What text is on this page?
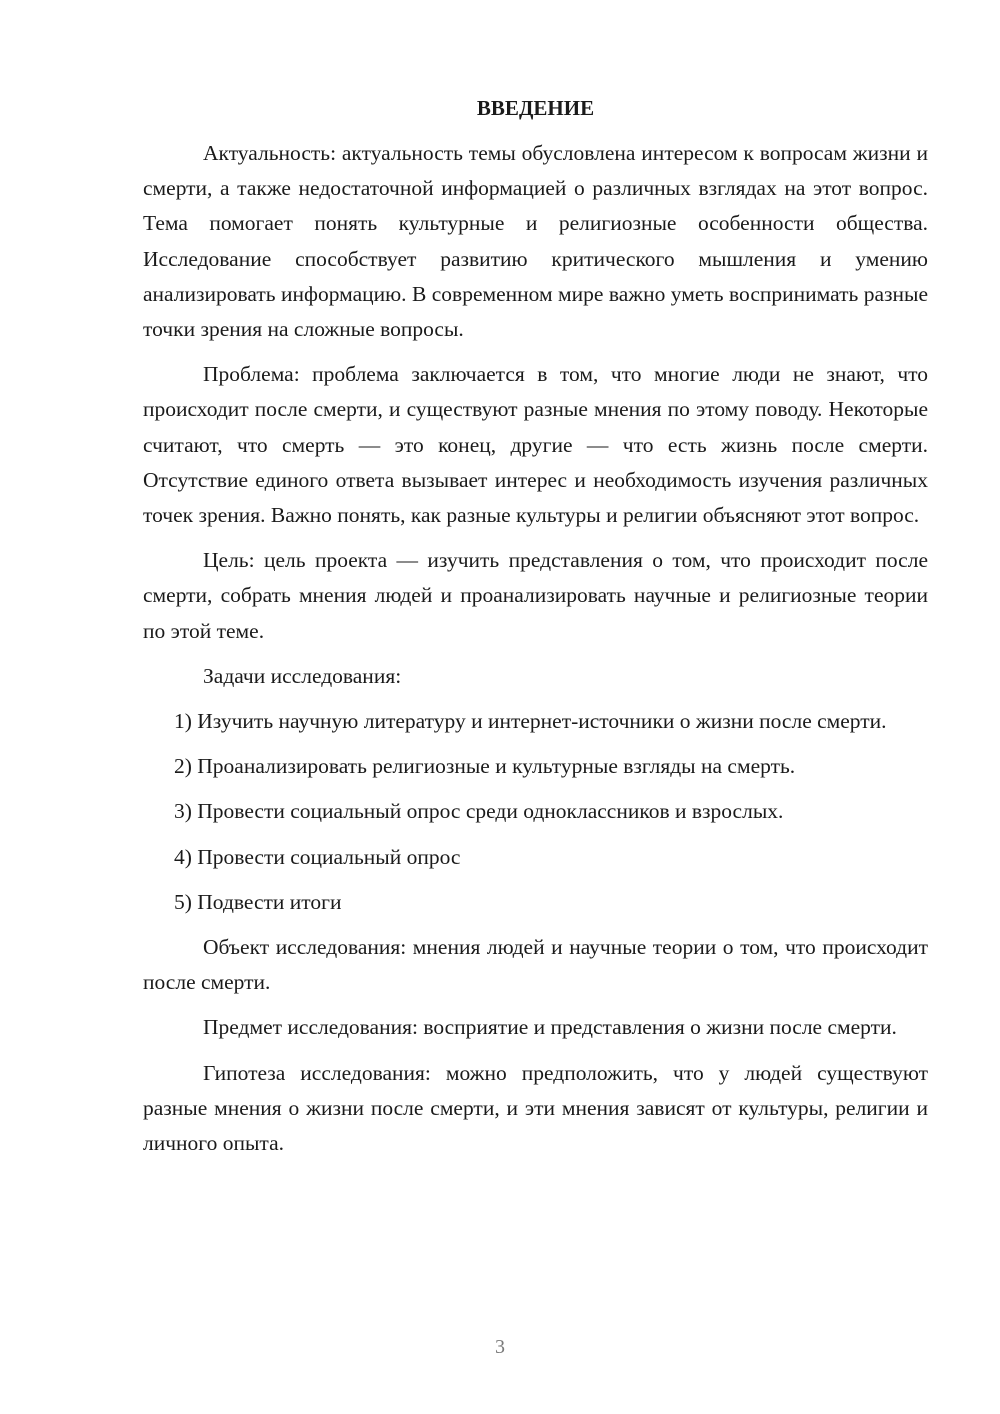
ВВЕДЕНИЕ

Актуальность: актуальность темы обусловлена интересом к вопросам жизни и смерти, а также недостаточной информацией о различных взглядах на этот вопрос. Тема помогает понять культурные и религиозные особенности общества. Исследование способствует развитию критического мышления и умению анализировать информацию. В современном мире важно уметь воспринимать разные точки зрения на сложные вопросы.

Проблема: проблема заключается в том, что многие люди не знают, что происходит после смерти, и существуют разные мнения по этому поводу. Некоторые считают, что смерть — это конец, другие — что есть жизнь после смерти. Отсутствие единого ответа вызывает интерес и необходимость изучения различных точек зрения. Важно понять, как разные культуры и религии объясняют этот вопрос.

Цель: цель проекта — изучить представления о том, что происходит после смерти, собрать мнения людей и проанализировать научные и религиозные теории по этой теме.

Задачи исследования:

1) Изучить научную литературу и интернет-источники о жизни после смерти.

2) Проанализировать религиозные и культурные взгляды на смерть.

3) Провести социальный опрос среди одноклассников и взрослых.

4) Провести социальный опрос

5) Подвести итоги

Объект исследования: мнения людей и научные теории о том, что происходит после смерти.

Предмет исследования: восприятие и представления о жизни после смерти.

Гипотеза исследования: можно предположить, что у людей существуют разные мнения о жизни после смерти, и эти мнения зависят от культуры, религии и личного опыта.

3
